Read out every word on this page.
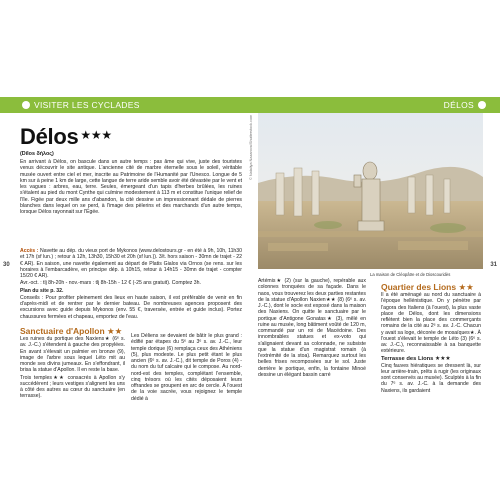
VISITER LES CYCLADES	DÉLOS
30	31
Délos ★★★
(Dílos δήλος)

En arrivant à Délos, on bascule dans un autre temps : pas âme qui vive, juste des touristes venus découvrir le site antique. L'ancienne cité de marbre éternelle sous le soleil, véritable musée ouvert entre ciel et mer, inscrite au Patrimoine de l'Humanité par l'Unesco. Longue de 5 km sur à peine 1 km de large, cette langue de terre aride semble avoir été dévastée par le vent et les vagues : arbres, eau, terre. Seules, émergeant d'un tapis d'herbes brûlées, les ruines s'étalent au pied du mont Cynthe qui culmine modestement à 113 m et constitue l'unique relief de l'île. Figée par deux mille ans d'abandon, la cité dessine un impressionnant dédale de pierres blanches dans lequel on se perd, à l'image des pèlerins et des marchands d'un autre temps, lorsque Délos rayonnait sur l'Égée.

Accès : Navette au dép. du vieux port de Mykonos (www.delostours.gr - en été à 9h, 10h, 11h30 et 17h (sf lun.) ; retour à 12h, 13h30, 15h30 et 20h (sf lun.)). 3/t. hors saison - 30mn de trajet - 22 € AR). En saison, une navette également au départ de Platis Gialos via Ornos (se rens. sur les horaires à l'embarcadère, en principe dép. à 10h15, retour à 14h15 - 30mn de trajet - compter 15/20 € AR).

Avr.-oct. : tlj 8h-20h - nov.-mars : tlj 8h-15h - 12 € (-25 ans gratuit). Comptez 3h.

Plan du site p. 32.

Conseils : Pour profiter pleinement des lieux en haute saison, il est préférable de venir en fin d'après-midi et de rentrer par le dernier bateau. De nombreuses agences proposent des excursions avec guide depuis Mykonos (env. 55 €, traversée, entrée et guide inclus). Portez chaussures fermées et chapeau, emportez de l'eau.

Sanctuaire d'Apollon ★★

Les ruines du portique des Naxiens★ (6ᵉ s. av. J.-C.) s'étendent à gauche des propylées. En avant s'élevait un palmier en bronze (9), image de l'arbre sous lequel Léto mit au monde ses divins jumeaux. En s'effondrant, il brisa la statue d'Apollon. Il en reste la base.

Trois temples★★ consacrés à Apollon s'y succédèrent ; leurs vestiges s'alignent les uns à côté des autres au cœur du sanctuaire (en terrasse).

Les Déliens se devaient de bâtir le plus grand : édifié par étapes du 5ᵉ au 3ᵉ s. av. J.-C., leur temple dorique (6) remplaça ceux des Athéniens (5), plus modeste. Le plus petit étant le plus ancien (6ᵉ s. av. J.-C.), dit temple de Poros (4) - du nom du tuf calcaire qui le compose. Au nord-nord-est des temples, complétant l'ensemble, cinq trésors où les cités déposaient leurs offrandes se groupent en arc de cercle. À l'ouest de la voie sacrée, vous rejoignez le temple dédié à

© Nataliya Nazarova/Shutterstock.com
La maison de Cléopâtre et de Dioscouridès

Artémis★ (2) (sur la gauche), repérable aux colonnes tronquées de sa façade. Dans le naos, vous trouverez les deux parties restantes de la statue d'Apollon Naxien★★ (8) (6ᵉ s. av. J.-C.), dont le socle est exposé dans la maison des Naxiens. On quitte le sanctuaire par le portique d'Antigone Gonatas★ (3), mêlé en ruine au musée, long bâtiment voûté de 120 m, commandé par un roi de Macédoine. Des innombrables statues et ex-voto qui s'alignaient devant sa colonnade, ne subsiste que la statue d'un magistrat romain (à l'extrémité de la stoa). Remarquez surtout les belles frises recomposées sur le sol. Juste derrière le portique, enfin, la fontaine Minoé dessine un élégant bassin carré

Quartier des Lions ★★

Il a été aménagé au nord du sanctuaire à l'époque hellénistique. On y pénètre par l'agora des Italiens (à l'ouest), la plus vaste place de Délos, dont les dimensions reflètent bien la place des commerçants romains de la cité au 2ᵉ s. av. J.-C. Chacun y avait sa loge, décorée de mosaïques★. À l'ouest s'élevait le temple de Léto (3) (6ᵉ s. av. J.-C.), reconnaissable à sa banquette extérieure.

Terrasse des Lions ★★★

Cinq fauves hiératiques se dressent là, sur leur arrière-train, prêts à rugir (les originaux sont conservés au musée). Sculptés à la fin du 7ᵉ s. av. J.-C. à la demande des Naxiens, ils gardaient
